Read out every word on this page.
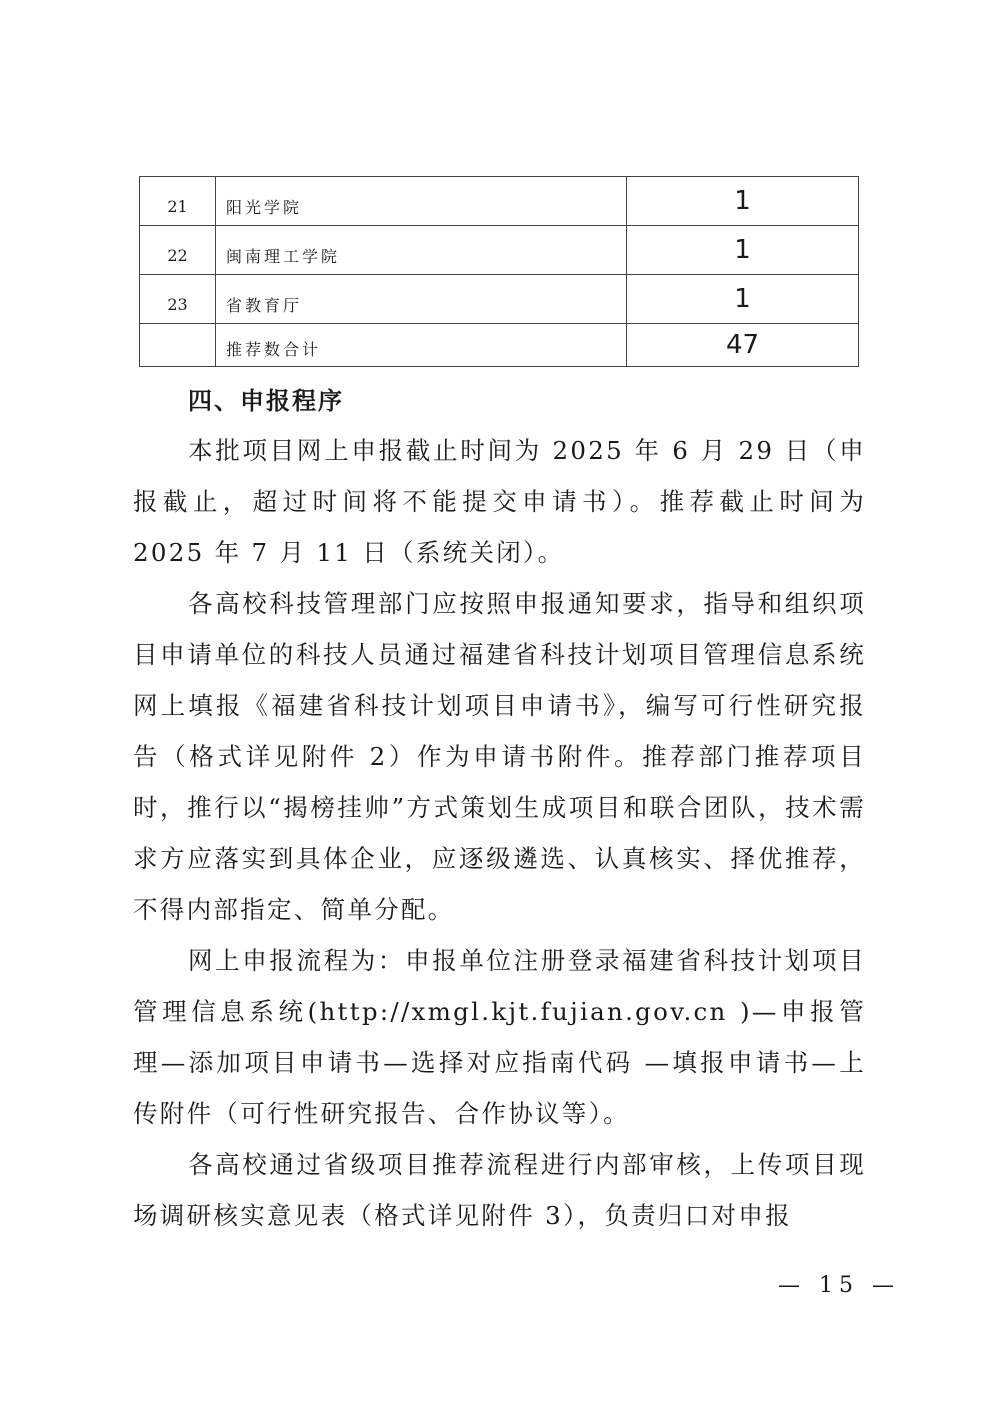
21	阳光学院	1
22	闽南理工学院	1
23	省教育厅	1
	推荐数合计	47
四、申报程序

本批项目网上申报截止时间为 2025 年 6 月 29 日（申报截止，超过时间将不能提交申请书）。推荐截止时间为 2025 年 7 月 11 日（系统关闭）。

各高校科技管理部门应按照申报通知要求，指导和组织项目申请单位的科技人员通过福建省科技计划项目管理信息系统网上填报《福建省科技计划项目申请书》，编写可行性研究报告（格式详见附件 2）作为申请书附件。推荐部门推荐项目时，推行以“揭榜挂帅”方式策划生成项目和联合团队，技术需求方应落实到具体企业，应逐级遴选、认真核实、择优推荐，不得内部指定、简单分配。

网上申报流程为：申报单位注册登录福建省科技计划项目管理信息系统(http://xmgl.kjt.fujian.gov.cn )—申报管理—添加项目申请书—选择对应指南代码 —填报申请书—上传附件（可行性研究报告、合作协议等）。

各高校通过省级项目推荐流程进行内部审核，上传项目现场调研核实意见表（格式详见附件 3），负责归口对申报

— 15 —
